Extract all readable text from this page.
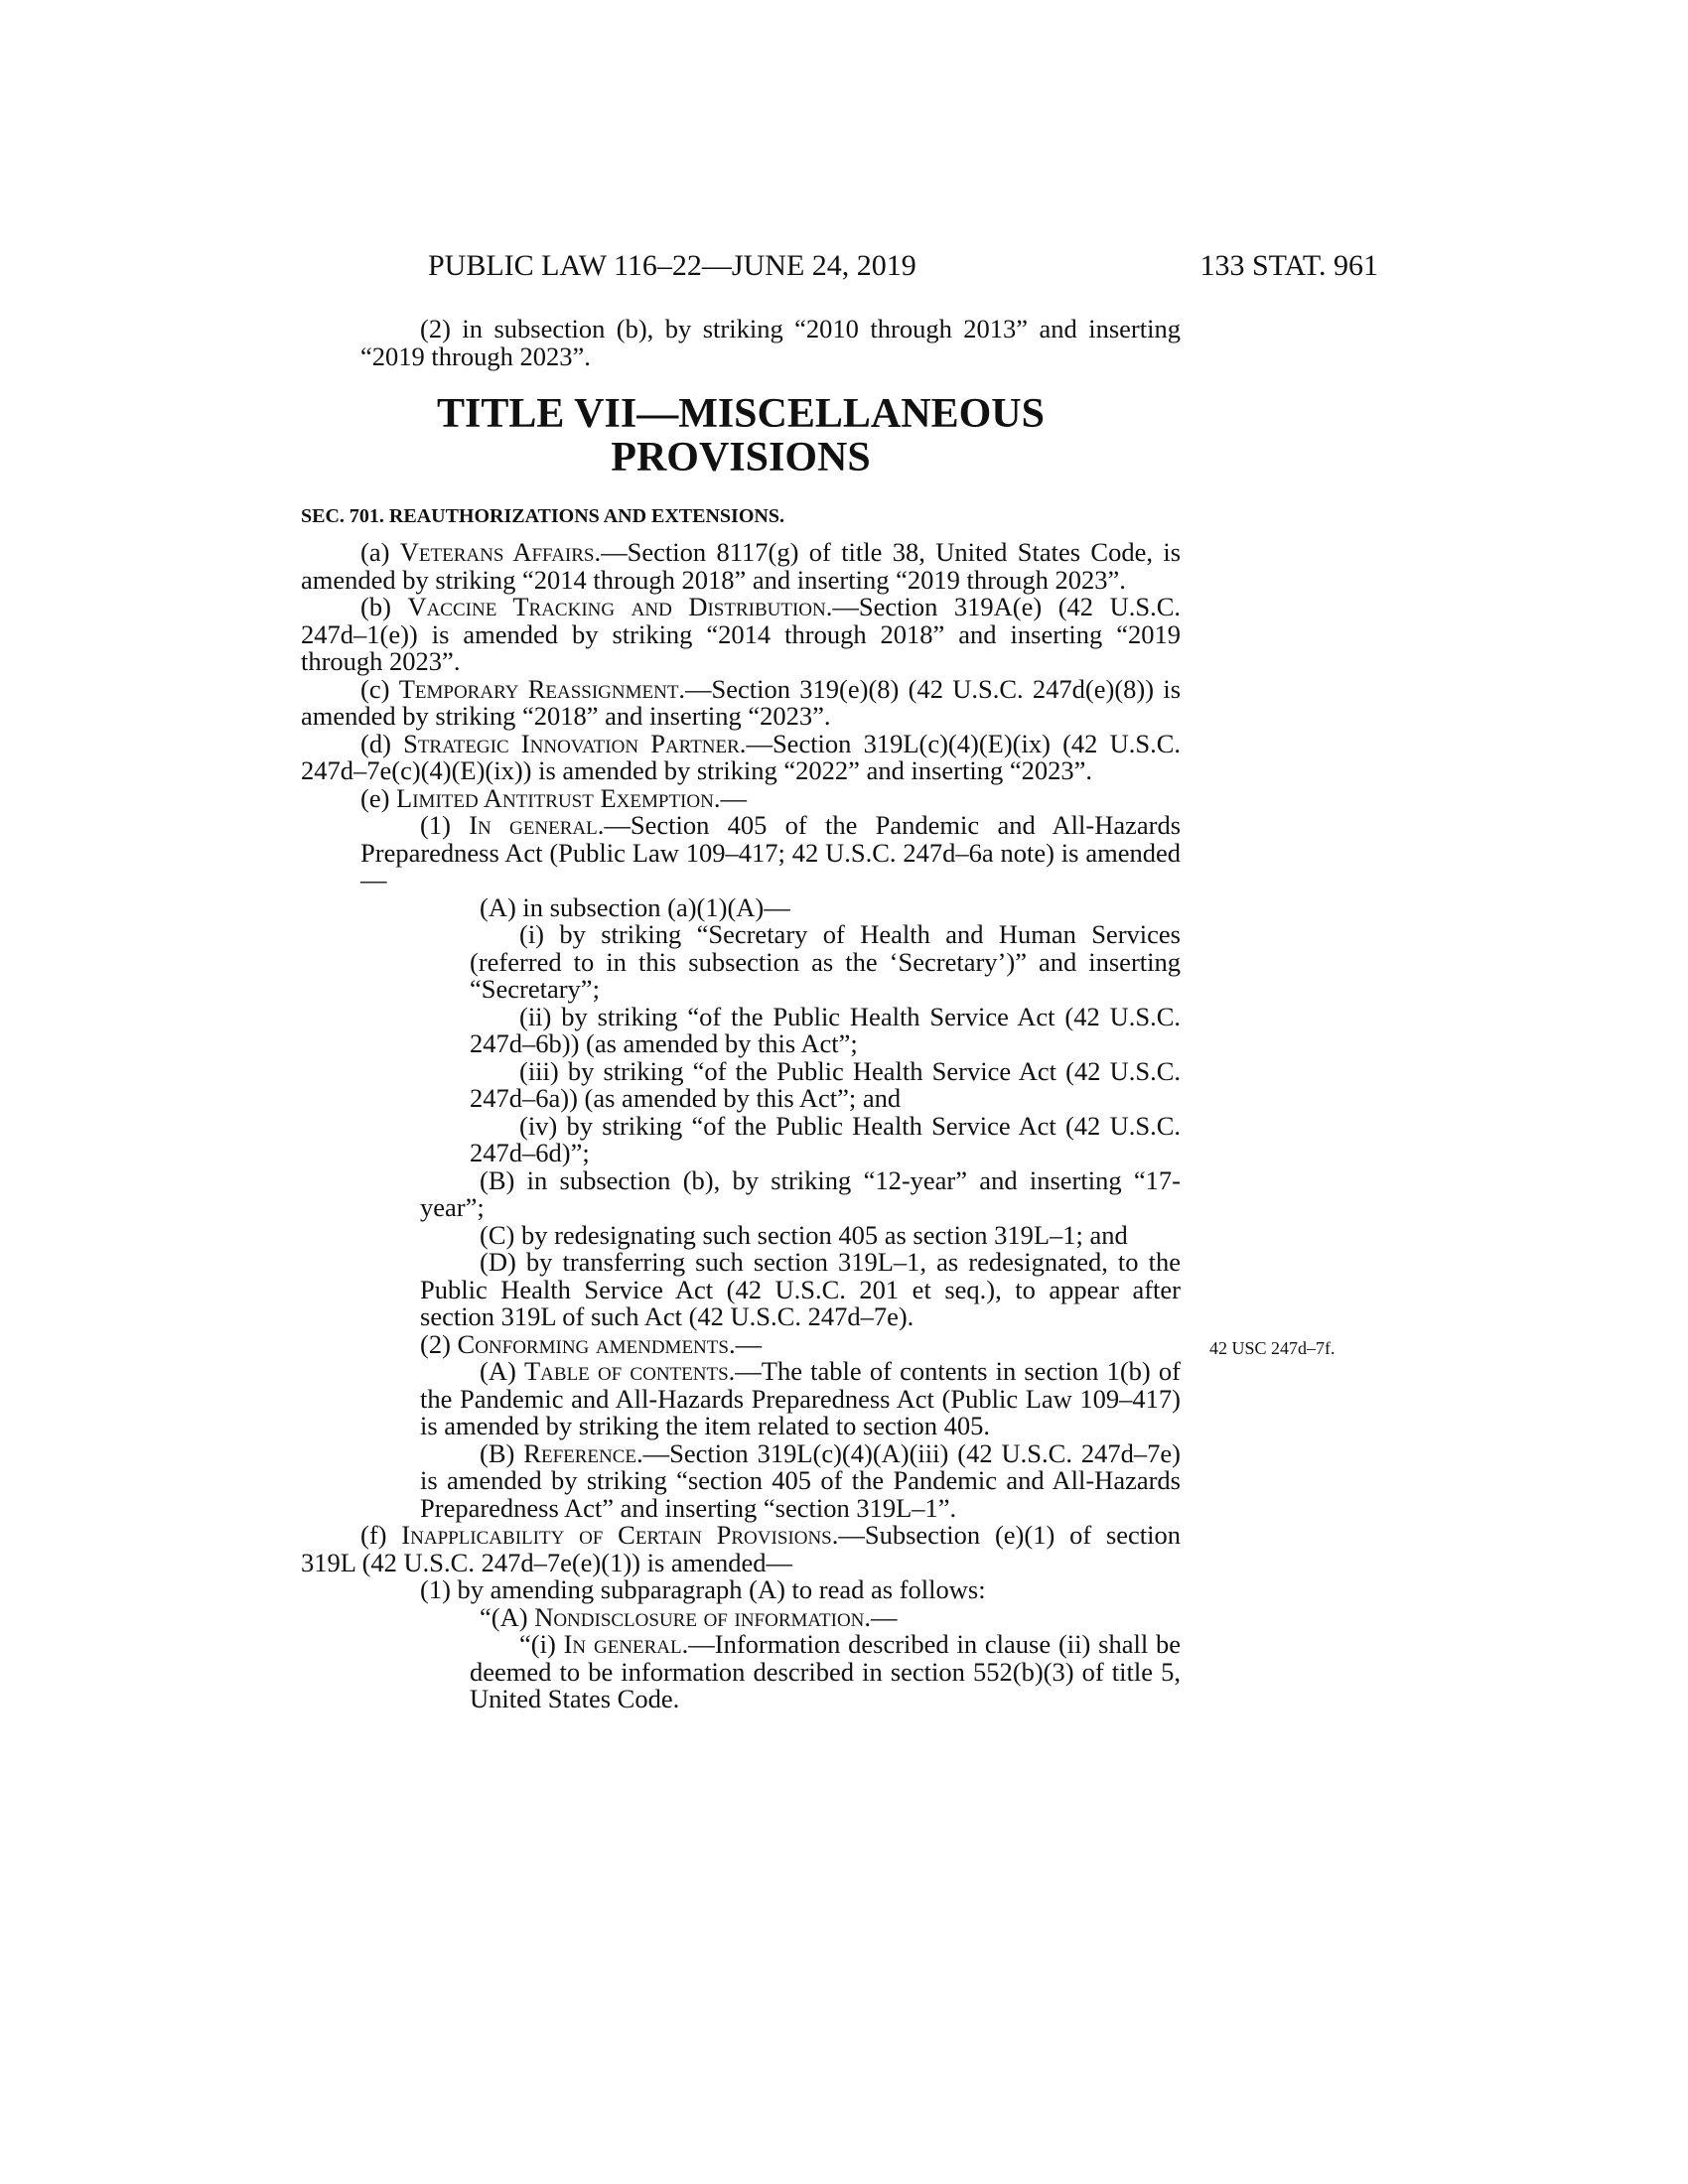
PUBLIC LAW 116–22—JUNE 24, 2019	133 STAT. 961

(2) in subsection (b), by striking “2010 through 2013” and inserting “2019 through 2023”.

TITLE VII—MISCELLANEOUS
PROVISIONS

SEC. 701. REAUTHORIZATIONS AND EXTENSIONS.

(a) Veterans Affairs.—Section 8117(g) of title 38, United States Code, is amended by striking “2014 through 2018” and inserting “2019 through 2023”.

(b) Vaccine Tracking and Distribution.—Section 319A(e) (42 U.S.C. 247d–1(e)) is amended by striking “2014 through 2018” and inserting “2019 through 2023”.

(c) Temporary Reassignment.—Section 319(e)(8) (42 U.S.C. 247d(e)(8)) is amended by striking “2018” and inserting “2023”.

(d) Strategic Innovation Partner.—Section 319L(c)(4)(E)(ix) (42 U.S.C. 247d–7e(c)(4)(E)(ix)) is amended by striking “2022” and inserting “2023”.

(e) Limited Antitrust Exemption.—

(1) In general.—Section 405 of the Pandemic and All-Hazards Preparedness Act (Public Law 109–417; 42 U.S.C. 247d–6a note) is amended—

(A) in subsection (a)(1)(A)—

(i) by striking “Secretary of Health and Human Services (referred to in this subsection as the ‘Secretary’)” and inserting “Secretary”;

(ii) by striking “of the Public Health Service Act (42 U.S.C. 247d–6b)) (as amended by this Act”;

(iii) by striking “of the Public Health Service Act (42 U.S.C. 247d–6a)) (as amended by this Act”; and

(iv) by striking “of the Public Health Service Act (42 U.S.C. 247d–6d)”;

(B) in subsection (b), by striking “12-year” and inserting “17-year”;

(C) by redesignating such section 405 as section 319L–1; and

(D) by transferring such section 319L–1, as redesignated, to the Public Health Service Act (42 U.S.C. 201 et seq.), to appear after section 319L of such Act (42 U.S.C. 247d–7e).

(2) Conforming amendments.—

(A) Table of contents.—The table of contents in section 1(b) of the Pandemic and All-Hazards Preparedness Act (Public Law 109–417) is amended by striking the item related to section 405.

(B) Reference.—Section 319L(c)(4)(A)(iii) (42 U.S.C. 247d–7e) is amended by striking “section 405 of the Pandemic and All-Hazards Preparedness Act” and inserting “section 319L–1”.

(f) Inapplicability of Certain Provisions.—Subsection (e)(1) of section 319L (42 U.S.C. 247d–7e(e)(1)) is amended—

(1) by amending subparagraph (A) to read as follows:

“(A) Nondisclosure of information.—

“(i) In general.—Information described in clause (ii) shall be deemed to be information described in section 552(b)(3) of title 5, United States Code.

42 USC 247d–7f.
